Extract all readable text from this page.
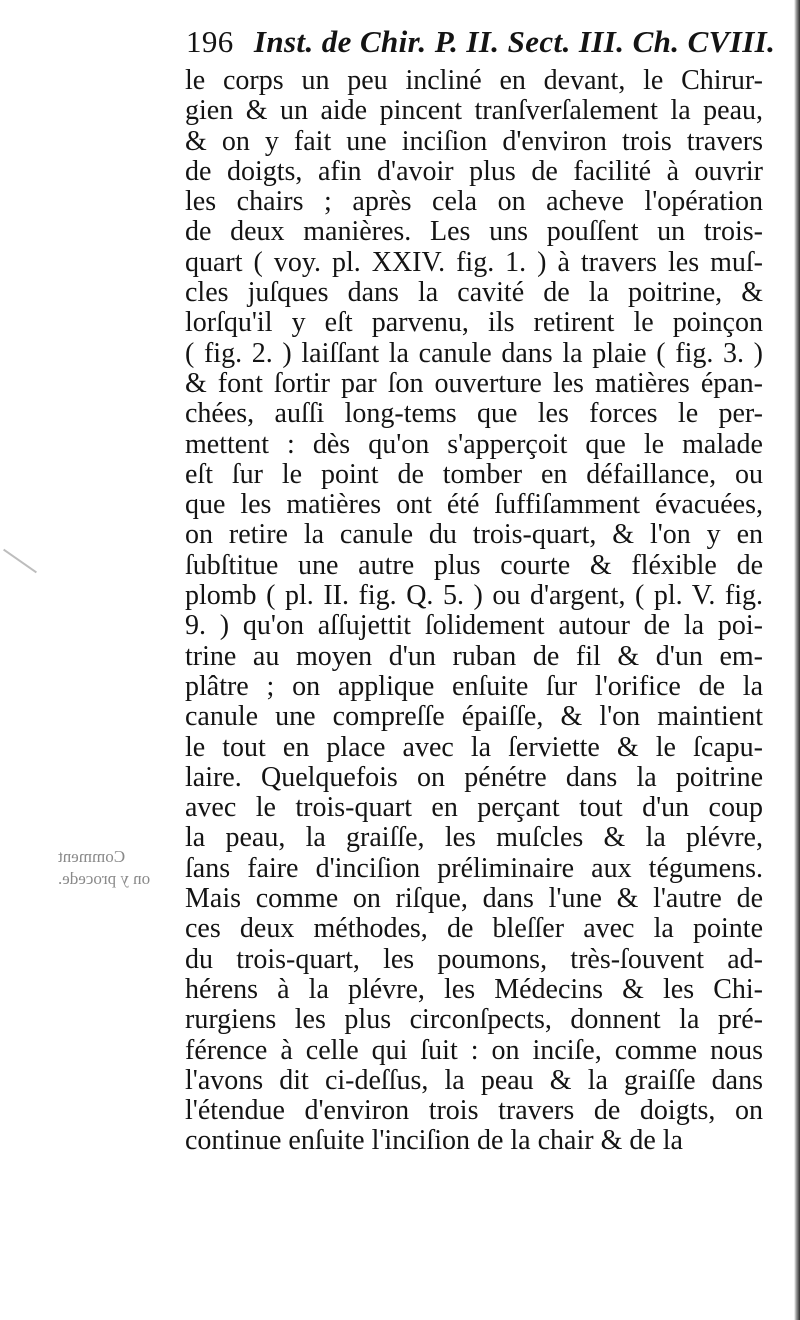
196 Inst. de Chir. P. II. Sect. III. Ch. CVIII.
le corps un peu incliné en devant, le Chirur-
gien & un aide pincent tranſverſalement la peau,
& on y fait une inciſion d'environ trois travers
de doigts, afin d'avoir plus de facilité à ouvrir
les chairs ; après cela on acheve l'opération
de deux manières. Les uns pouſſent un trois-
quart ( voy. pl. XXIV. fig. 1. ) à travers les muſ-
cles juſques dans la cavité de la poitrine, &
lorſqu'il y eſt parvenu, ils retirent le poinçon
( fig. 2. ) laiſſant la canule dans la plaie ( fig. 3. )
& font ſortir par ſon ouverture les matières épan-
chées, auſſi long-tems que les forces le per-
mettent : dès qu'on s'apperçoit que le malade
eſt ſur le point de tomber en défaillance, ou
que les matières ont été ſuffiſamment évacuées,
on retire la canule du trois-quart, & l'on y en
ſubſtitue une autre plus courte & fléxible de
plomb ( pl. II. fig. Q. 5. ) ou d'argent, ( pl. V. fig.
9. ) qu'on aſſujettit ſolidement autour de la poi-
trine au moyen d'un ruban de fil & d'un em-
plâtre ; on applique enſuite ſur l'orifice de la
canule une compreſſe épaiſſe, & l'on maintient
le tout en place avec la ſerviette & le ſcapu-
laire. Quelquefois on pénétre dans la poitrine
avec le trois-quart en perçant tout d'un coup
la peau, la graiſſe, les muſcles & la plévre,
ſans faire d'inciſion préliminaire aux tégumens.
Mais comme on riſque, dans l'une & l'autre de
ces deux méthodes, de bleſſer avec la pointe
du trois-quart, les poumons, très-ſouvent ad-
hérens à la plévre, les Médecins & les Chi-
rurgiens les plus circonſpects, donnent la pré-
férence à celle qui ſuit : on inciſe, comme nous
l'avons dit ci-deſſus, la peau & la graiſſe dans
l'étendue d'environ trois travers de doigts, on
continue enſuite l'inciſion de la chair & de la
Comment
on y procede.
